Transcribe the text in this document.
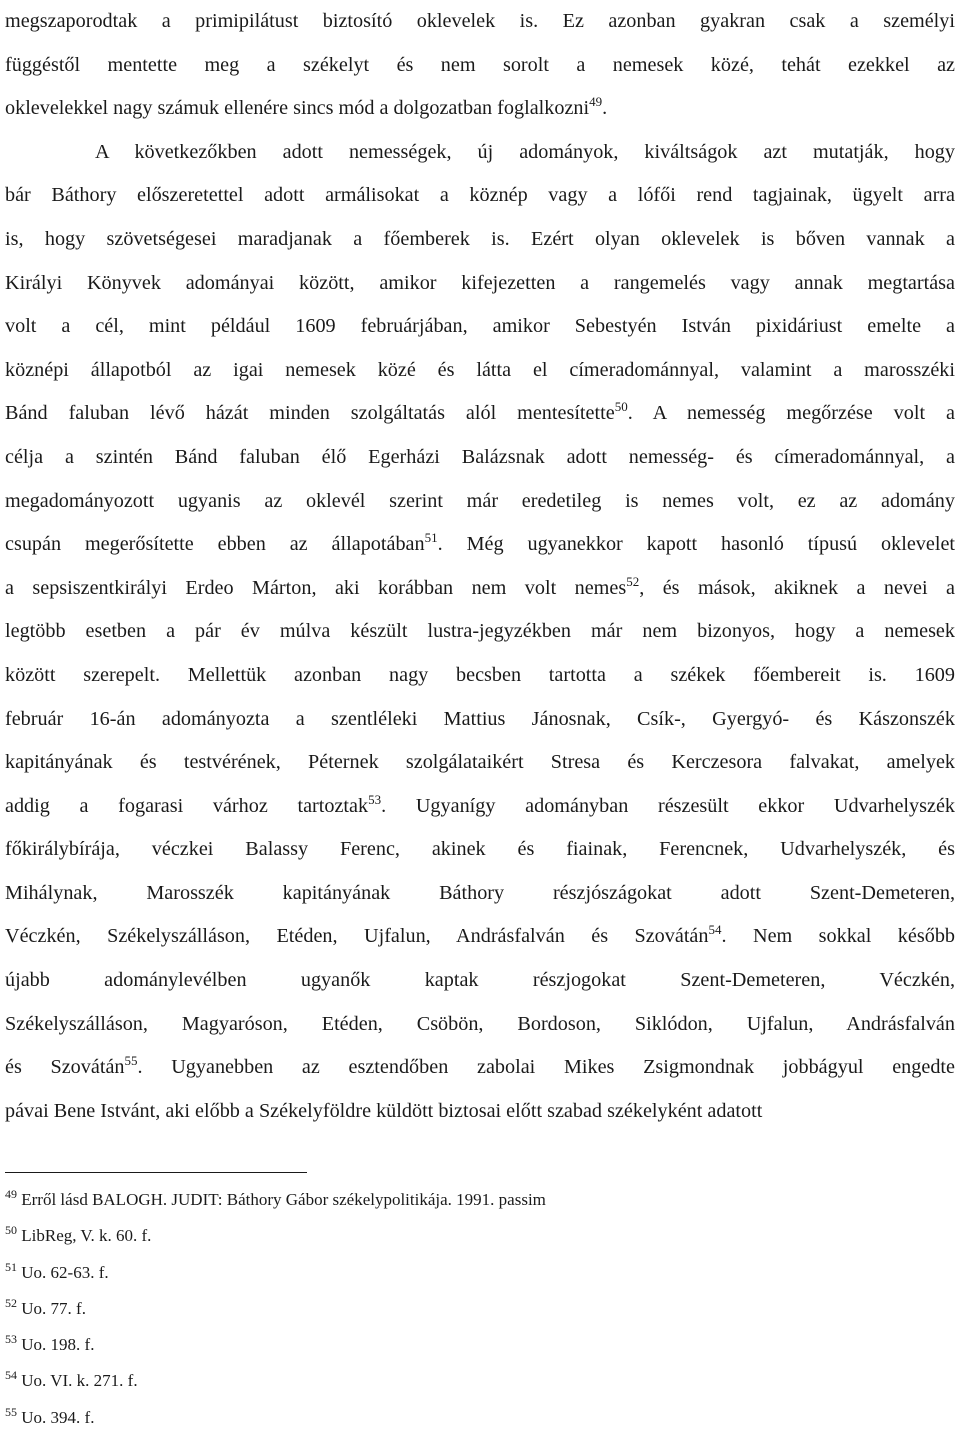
megszaporodtak a primipilátust biztosító oklevelek is. Ez azonban gyakran csak a személyi
függéstől mentette meg a székelyt és nem sorolt a nemesek közé, tehát ezekkel az
oklevelekkel nagy számuk ellenére sincs mód a dolgozatban foglalkozni$^{49}$.
A következőkben adott nemességek, új adományok, kiváltságok azt mutatják, hogy
bár Báthory előszeretettel adott armálisokat a köznép vagy a lófői rend tagjainak, ügyelt arra
is, hogy szövetségesei maradjanak a főemberek is. Ezért olyan oklevelek is bőven vannak a
Királyi Könyvek adományai között, amikor kifejezetten a rangemelés vagy annak megtartása
volt a cél, mint például 1609 februárjában, amikor Sebestyén István pixidáriust emelte a
köznépi állapotból az igai nemesek közé és látta el címeradománnyal, valamint a marosszéki
Bánd faluban lévő házát minden szolgáltatás alól mentesítette$^{50}$. A nemesség megőrzése volt a
célja a szintén Bánd faluban élő Egerházi Balázsnak adott nemesség- és címeradománnyal, a
megadományozott ugyanis az oklevél szerint már eredetileg is nemes volt, ez az adomány
csupán megerősítette ebben az állapotában$^{51}$. Még ugyanekkor kapott hasonló típusú oklevelet
a sepsiszentkirályi Erdeo Márton, aki korábban nem volt nemes$^{52}$, és mások, akiknek a nevei a
legtöbb esetben a pár év múlva készült lustra-jegyzékben már nem bizonyos, hogy a nemesek
között szerepelt. Mellettük azonban nagy becsben tartotta a székek főembereit is. 1609
február 16-án adományozta a szentléleki Mattius Jánosnak, Csík-, Gyergyó- és Kászonszék
kapitányának és testvérének, Péternek szolgálataikért Stresa és Kerczesora falvakat, amelyek
addig a fogarasi várhoz tartoztak$^{53}$. Ugyanígy adományban részesült ekkor Udvarhelyszék
főkirálybírája, véczkei Balassy Ferenc, akinek és fiainak, Ferencnek, Udvarhelyszék, és
Mihálynak, Marosszék kapitányának Báthory részjószágokat adott Szent-Demeteren,
Véczkén, Székelyszálláson, Etéden, Ujfalun, Andrásfalván és Szovátán$^{54}$. Nem sokkal később
újabb adománylevélben ugyanők kaptak részjogokat Szent-Demeteren, Véczkén,
Székelyszálláson, Magyaróson, Etéden, Csöbön, Bordoson, Siklódon, Ujfalun, Andrásfalván
és Szovátán$^{55}$. Ugyanebben az esztendőben zabolai Mikes Zsigmondnak jobbágyul engedte
pávai Bene Istvánt, aki előbb a Székelyföldre küldött biztosai előtt szabad székelyként adatott
$^{49}$ Erről lásd BALOGH. JUDIT: Báthory Gábor székelypolitikája. 1991. passim
$^{50}$ LibReg, V. k. 60. f.
$^{51}$ Uo. 62-63. f.
$^{52}$ Uo. 77. f.
$^{53}$ Uo. 198. f.
$^{54}$ Uo. VI. k. 271. f.
$^{55}$ Uo. 394. f.
